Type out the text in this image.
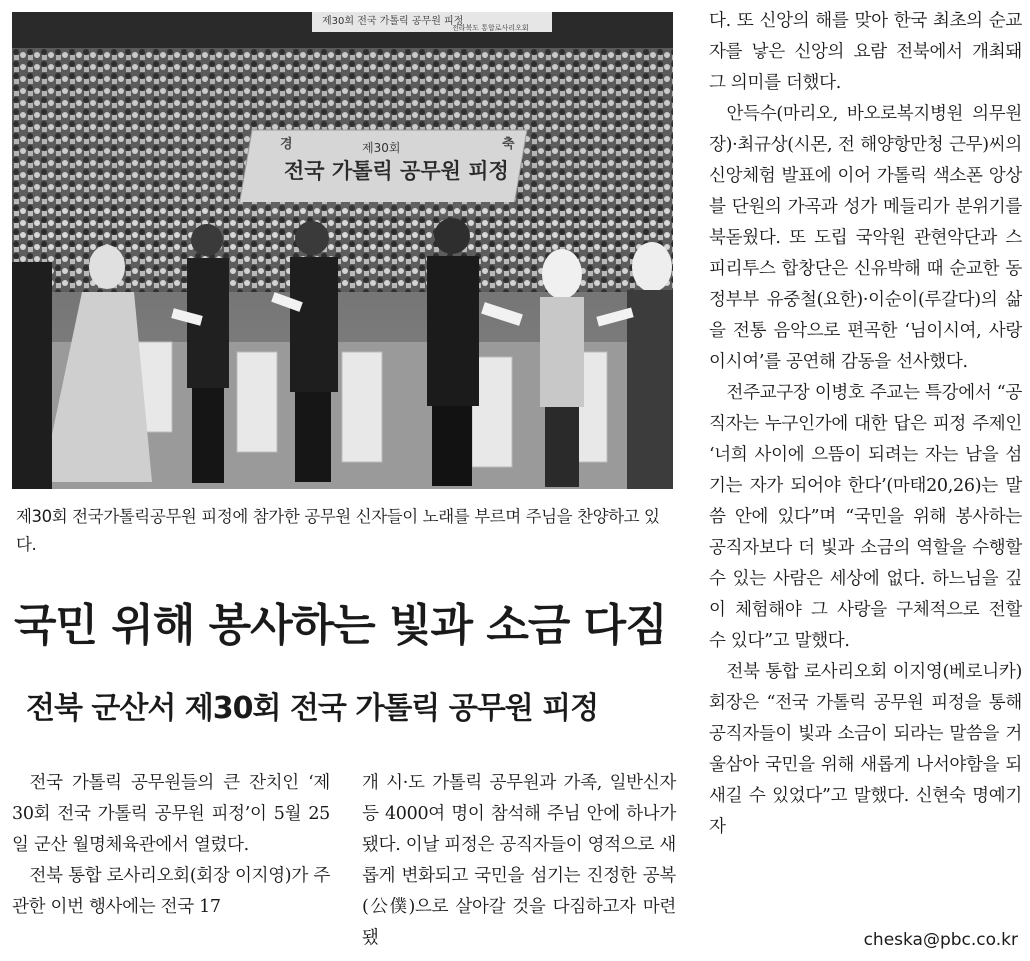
제30회 전국 가톨릭 공무원 피정
전라북도 통합로사리오회
경	축
제30회
전국 가톨릭 공무원 피정
제30회 전국가톨릭공무원 피정에 참가한 공무원 신자들이 노래를 부르며 주님을 찬양하고 있다.
국민 위해 봉사하는 빛과 소금 다짐
전북 군산서 제30회 전국 가톨릭 공무원 피정

전국 가톨릭 공무원들의 큰 잔치인 ‘제30회 전국 가톨릭 공무원 피정’이 5월 25일 군산 월명체육관에서 열렸다.

전북 통합 로사리오회(회장 이지영)가 주관한 이번 행사에는 전국 17

개 시·도 가톨릭 공무원과 가족, 일반신자 등 4000여 명이 참석해 주님 안에 하나가 됐다. 이날 피정은 공직자들이 영적으로 새롭게 변화되고 국민을 섬기는 진정한 공복(公僕)으로 살아갈 것을 다짐하고자 마련됐

다. 또 신앙의 해를 맞아 한국 최초의 순교자를 낳은 신앙의 요람 전북에서 개최돼 그 의미를 더했다.

안득수(마리오, 바오로복지병원 의무원장)·최규상(시몬, 전 해양항만청 근무)씨의 신앙체험 발표에 이어 가톨릭 색소폰 앙상블 단원의 가곡과 성가 메들리가 분위기를 북돋웠다. 또 도립 국악원 관현악단과 스피리투스 합창단은 신유박해 때 순교한 동정부부 유중철(요한)·이순이(루갈다)의 삶을 전통 음악으로 편곡한 ‘님이시여, 사랑이시여’를 공연해 감동을 선사했다.

전주교구장 이병호 주교는 특강에서 “공직자는 누구인가에 대한 답은 피정 주제인 ‘너희 사이에 으뜸이 되려는 자는 남을 섬기는 자가 되어야 한다’(마태20,26)는 말씀 안에 있다”며 “국민을 위해 봉사하는 공직자보다 더 빛과 소금의 역할을 수행할 수 있는 사람은 세상에 없다. 하느님을 깊이 체험해야 그 사랑을 구체적으로 전할 수 있다”고 말했다.

전북 통합 로사리오회 이지영(베로니카) 회장은 “전국 가톨릭 공무원 피정을 통해 공직자들이 빛과 소금이 되라는 말씀을 거울삼아 국민을 위해 새롭게 나서야함을 되새길 수 있었다”고 말했다. 신현숙 명예기자

cheska@pbc.co.kr
